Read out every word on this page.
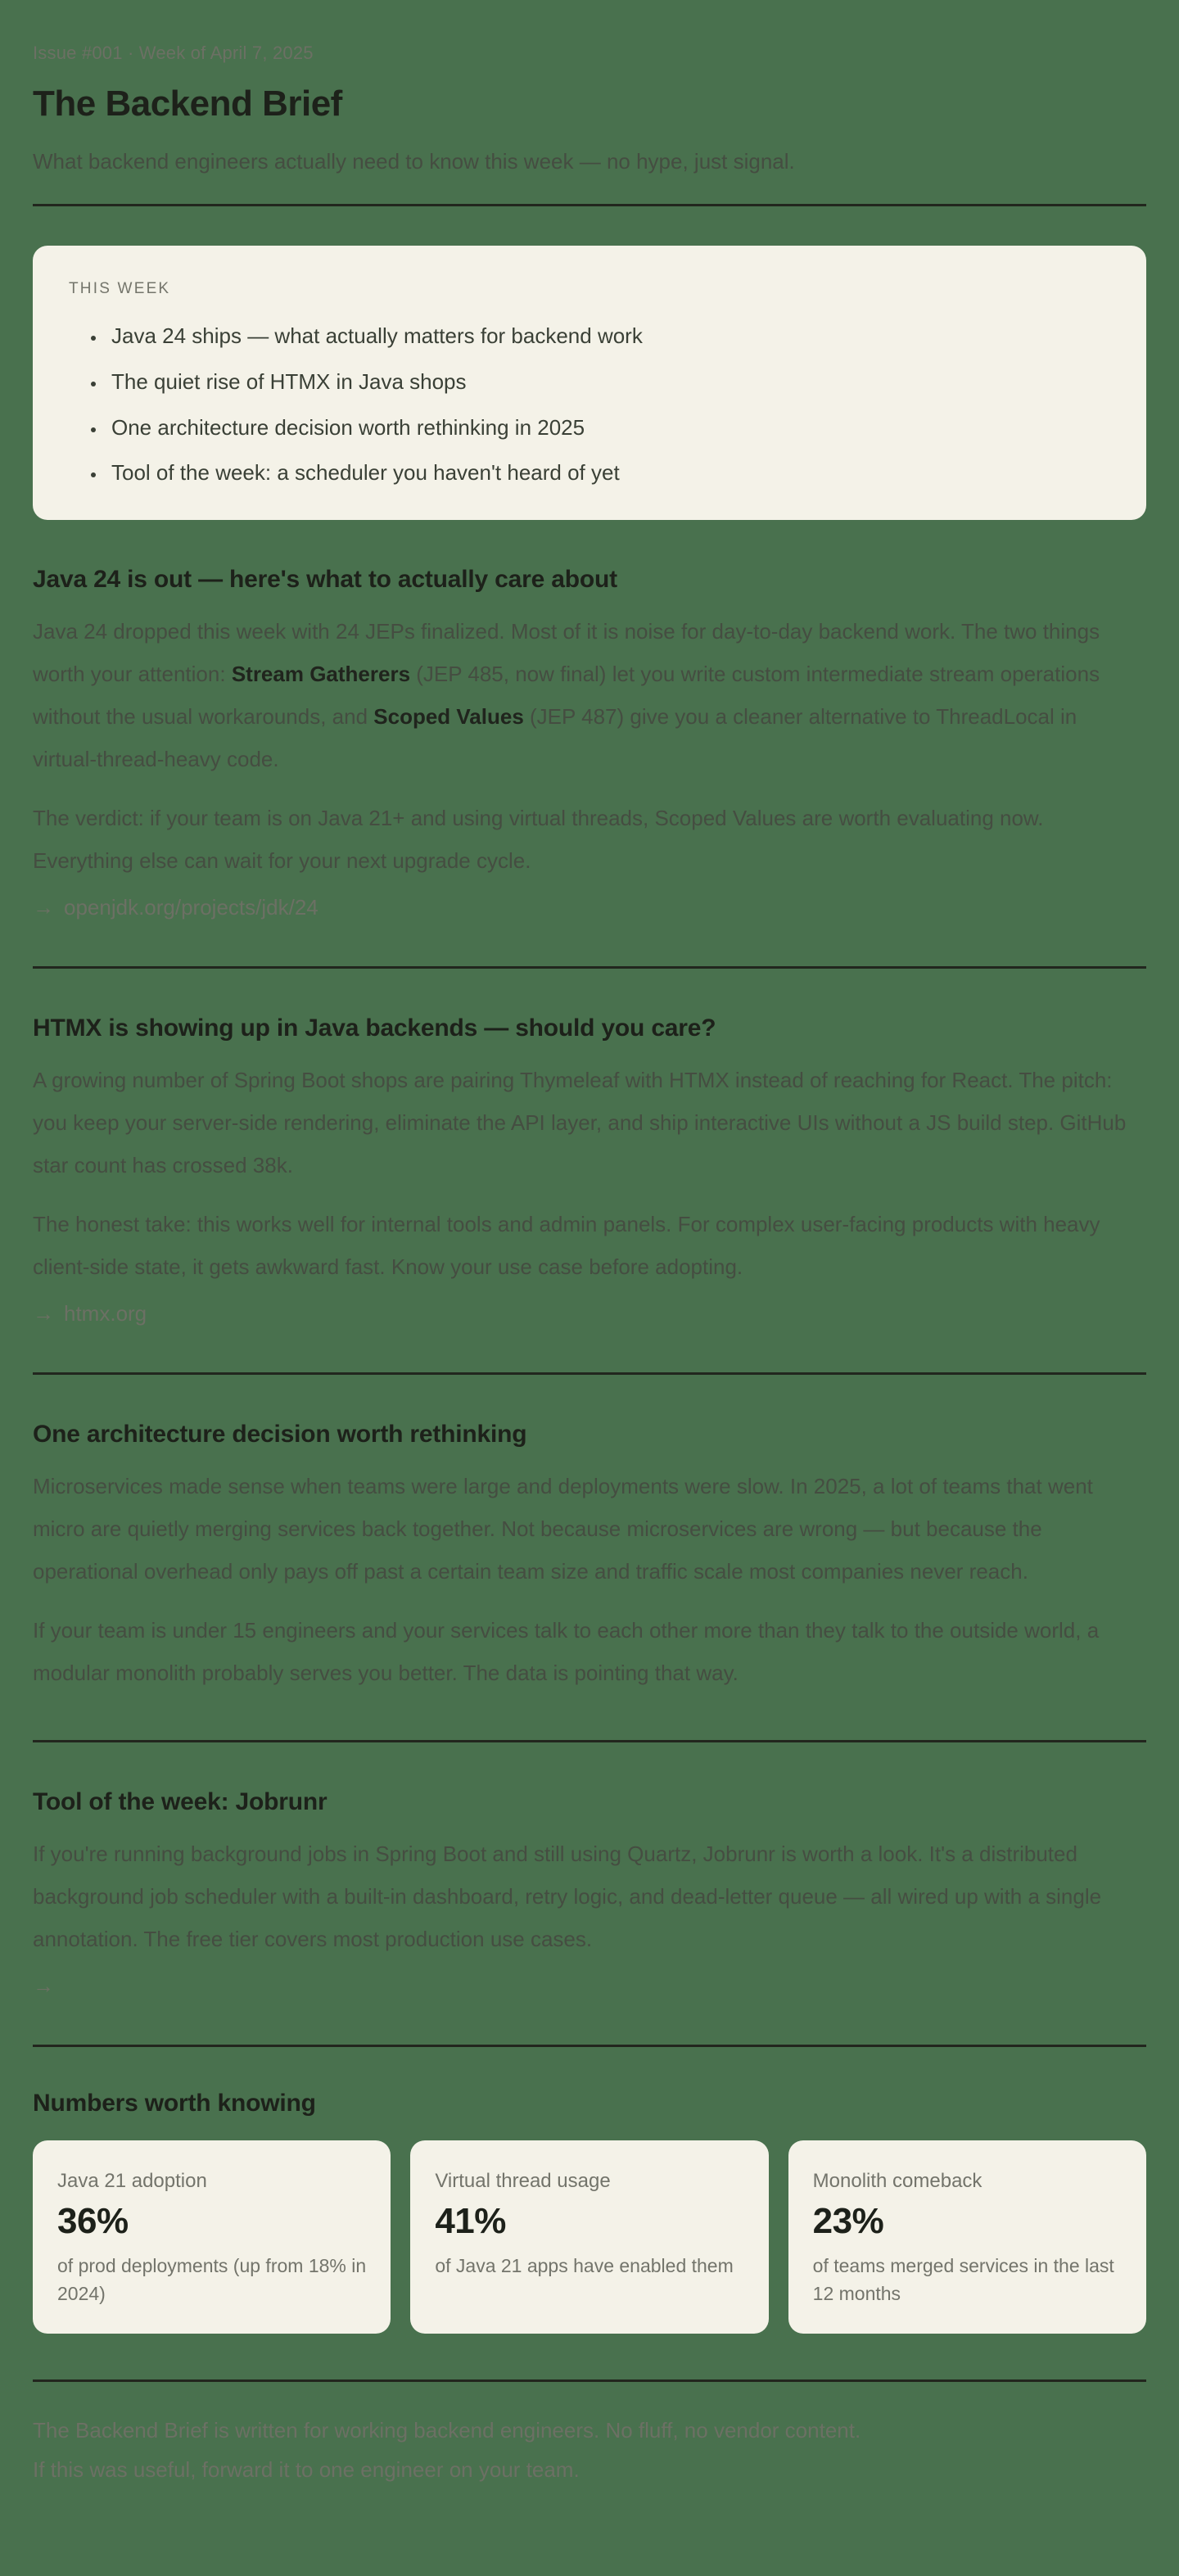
Issue #001 · Week of April 7, 2025
The Backend Brief

What backend engineers actually need to know this week — no hype, just signal.

THIS WEEK
• Java 24 ships — what actually matters for backend work
• The quiet rise of HTMX in Java shops
• One architecture decision worth rethinking in 2025
• Tool of the week: a scheduler you haven't heard of yet
Java 24 is out — here's what to actually care about

Java 24 dropped this week with 24 JEPs finalized. Most of it is noise for day-to-day backend work. The two things worth your attention: Stream Gatherers (JEP 485, now final) let you write custom intermediate stream operations without the usual workarounds, and Scoped Values (JEP 487) give you a cleaner alternative to ThreadLocal in virtual-thread-heavy code.

The verdict: if your team is on Java 21+ and using virtual threads, Scoped Values are worth evaluating now. Everything else can wait for your next upgrade cycle.

→ openjdk.org/projects/jdk/24
HTMX is showing up in Java backends — should you care?

A growing number of Spring Boot shops are pairing Thymeleaf with HTMX instead of reaching for React. The pitch: you keep your server-side rendering, eliminate the API layer, and ship interactive UIs without a JS build step. GitHub star count has crossed 38k.

The honest take: this works well for internal tools and admin panels. For complex user-facing products with heavy client-side state, it gets awkward fast. Know your use case before adopting.

→ htmx.org
One architecture decision worth rethinking

Microservices made sense when teams were large and deployments were slow. In 2025, a lot of teams that went micro are quietly merging services back together. Not because microservices are wrong — but because the operational overhead only pays off past a certain team size and traffic scale most companies never reach.

If your team is under 15 engineers and your services talk to each other more than they talk to the outside world, a modular monolith probably serves you better. The data is pointing that way.

Tool of the week: Jobrunr

If you're running background jobs in Spring Boot and still using Quartz, Jobrunr is worth a look. It's a distributed background job scheduler with a built-in dashboard, retry logic, and dead-letter queue — all wired up with a single annotation. The free tier covers most production use cases.

→
Numbers worth knowing
Java 21 adoption
36%
of prod deployments (up from 18% in 2024)
Virtual thread usage
41%
of Java 21 apps have enabled them
Monolith comeback
23%
of teams merged services in the last 12 months

The Backend Brief is written for working backend engineers. No fluff, no vendor content.

If this was useful, forward it to one engineer on your team.
